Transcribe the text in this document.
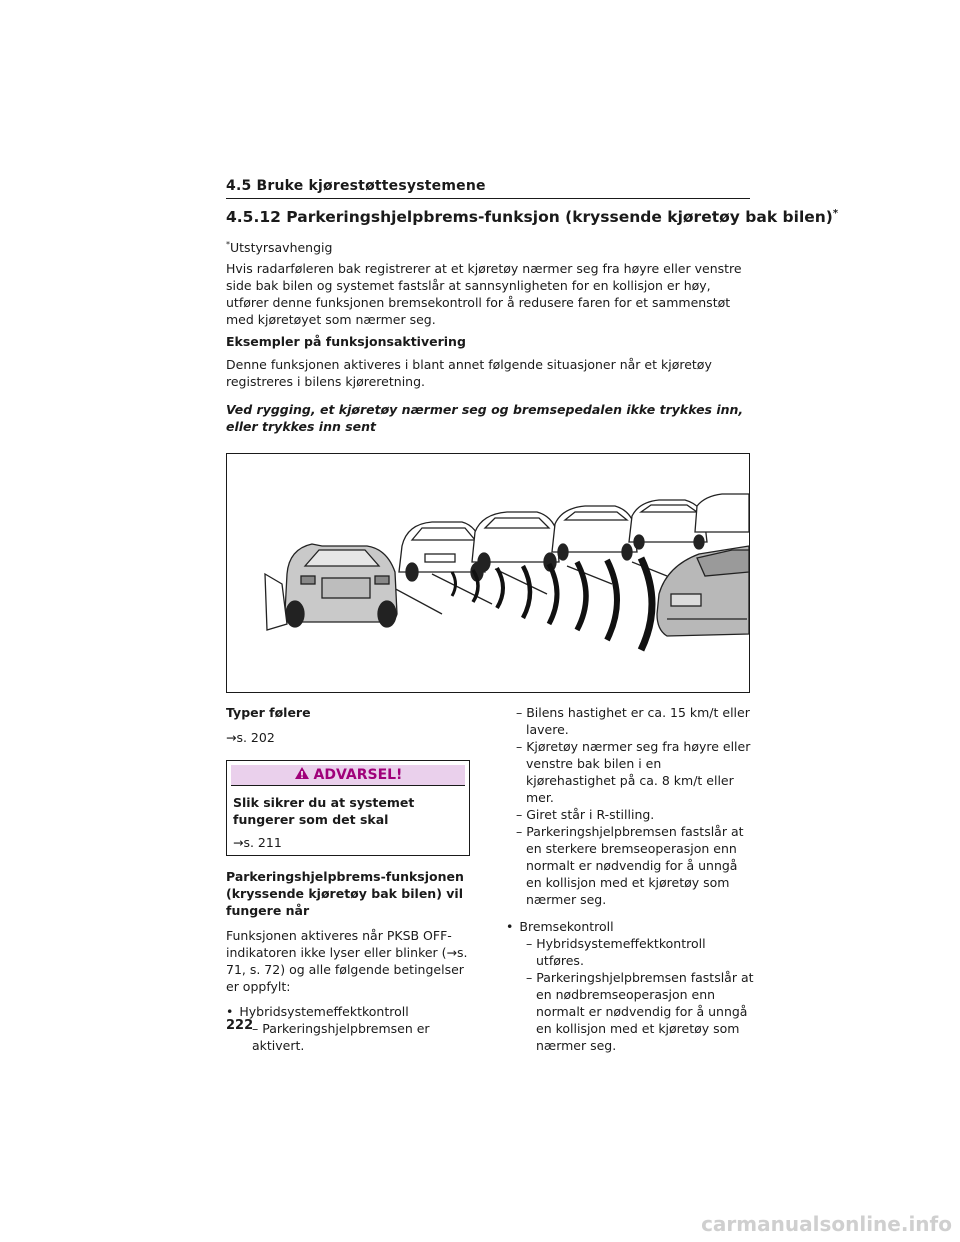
4.5 Bruke kjørestøttesystemene
4.5.12 Parkeringshjelpbrems-funksjon (kryssende kjøretøy bak bilen)*
*Utstyrsavhengig
Hvis radarføleren bak registrerer at et kjøretøy nærmer seg fra høyre eller venstre side bak bilen og systemet fastslår at sannsynligheten for en kollisjon er høy, utfører denne funksjonen bremsekontroll for å redusere faren for et sammenstøt med kjøretøyet som nærmer seg.
Eksempler på funksjonsaktivering
Denne funksjonen aktiveres i blant annet følgende situasjoner når et kjøretøy registreres i bilens kjøreretning.
Ved rygging, et kjøretøy nærmer seg og bremsepedalen ikke trykkes inn, eller trykkes inn sent
Typer følere
→s. 202
ADVARSEL!
Slik sikrer du at systemet fungerer som det skal
→s. 211
Parkeringshjelpbrems-funksjonen (kryssende kjøretøy bak bilen) vil fungere når
Funksjonen aktiveres når PKSB OFF-indikatoren ikke lyser eller blinker (→s. 71, s. 72) og alle følgende betingelser er oppfylt:
• Hybridsystemeffektkontroll
– Parkeringshjelpbremsen er aktivert.
– Bilens hastighet er ca. 15 km/t eller lavere.
– Kjøretøy nærmer seg fra høyre eller venstre bak bilen i en kjørehastighet på ca. 8 km/t eller mer.
– Giret står i R-stilling.
– Parkeringshjelpbremsen fastslår at en sterkere bremseoperasjon enn normalt er nødvendig for å unngå en kollisjon med et kjøretøy som nærmer seg.
• Bremsekontroll
– Hybridsystemeffektkontroll utføres.
– Parkeringshjelpbremsen fastslår at en nødbremseoperasjon enn normalt er nødvendig for å unngå en kollisjon med et kjøretøy som nærmer seg.
222
carmanualsonline.info
